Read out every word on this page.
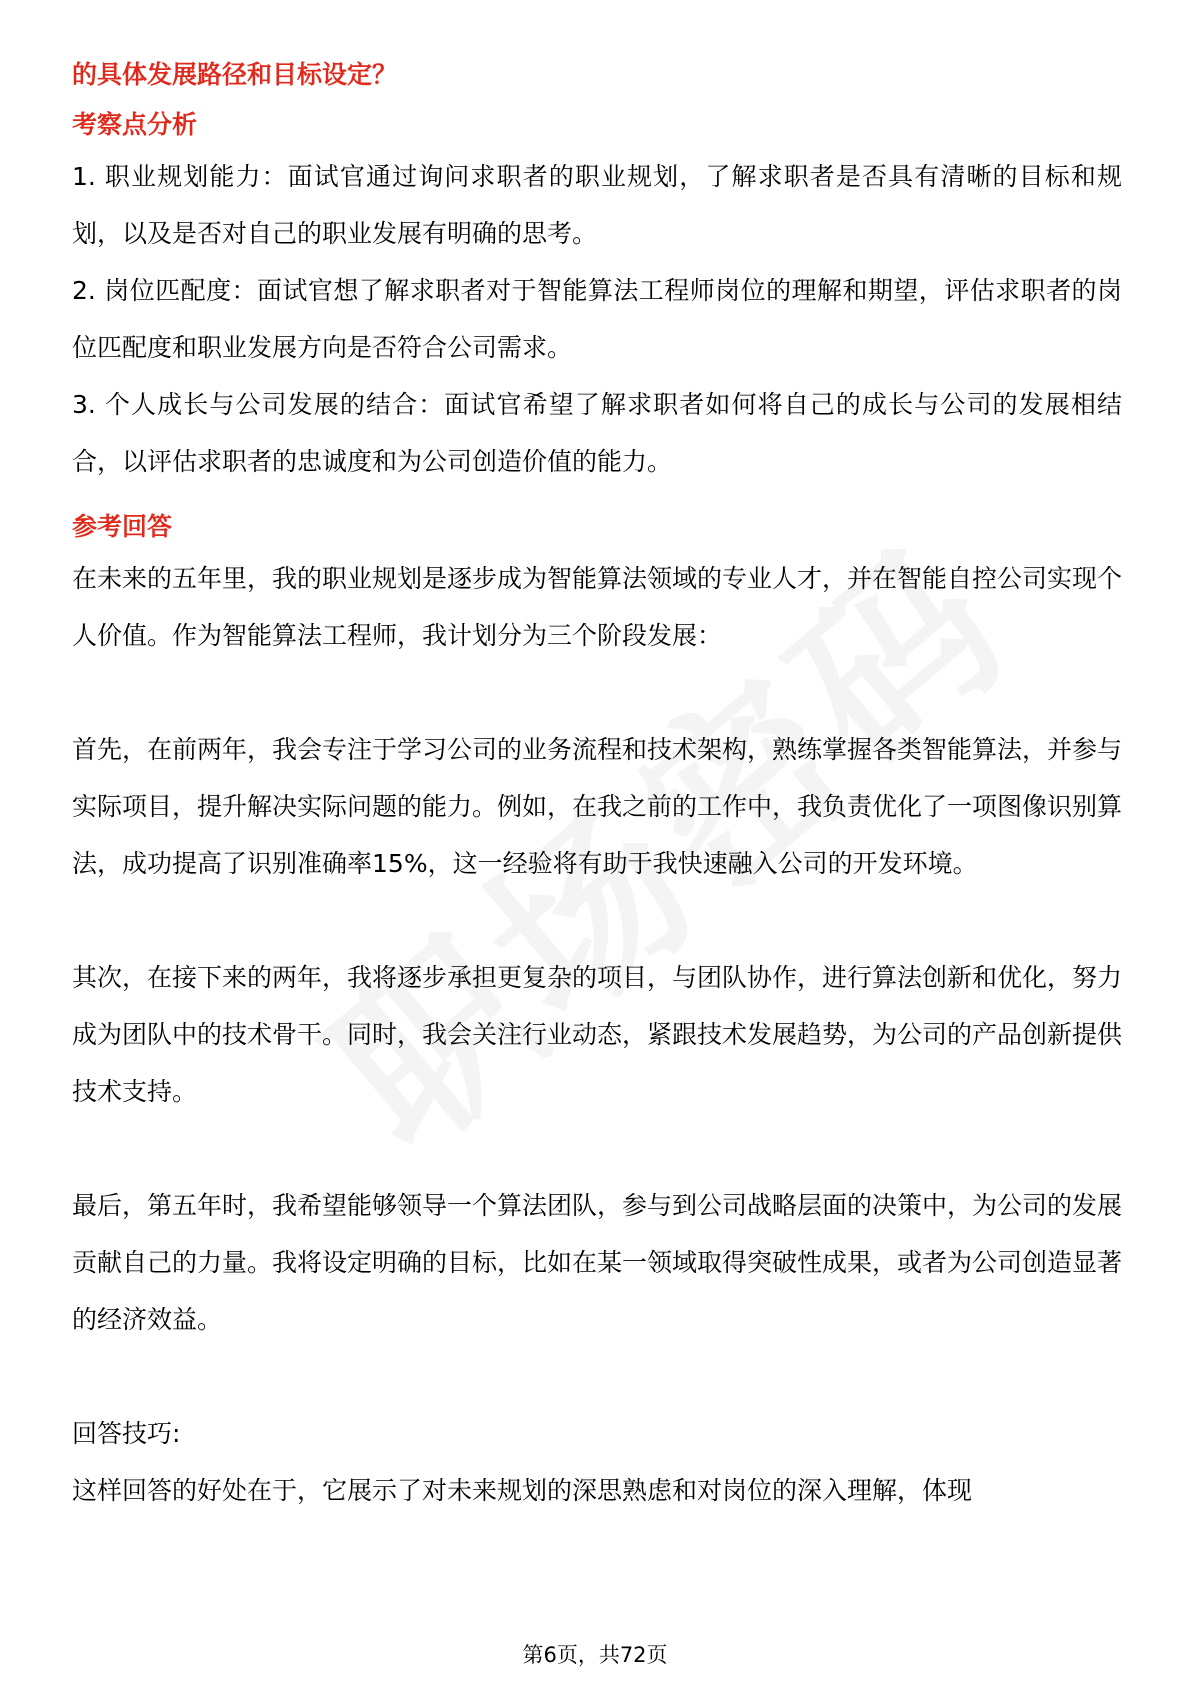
的具体发展路径和目标设定？

考察点分析

1. 职业规划能力：面试官通过询问求职者的职业规划，了解求职者是否具有清晰的目标和规划，以及是否对自己的职业发展有明确的思考。

2. 岗位匹配度：面试官想了解求职者对于智能算法工程师岗位的理解和期望，评估求职者的岗位匹配度和职业发展方向是否符合公司需求。

3. 个人成长与公司发展的结合：面试官希望了解求职者如何将自己的成长与公司的发展相结合，以评估求职者的忠诚度和为公司创造价值的能力。

参考回答

在未来的五年里，我的职业规划是逐步成为智能算法领域的专业人才，并在智能自控公司实现个人价值。作为智能算法工程师，我计划分为三个阶段发展：

首先，在前两年，我会专注于学习公司的业务流程和技术架构，熟练掌握各类智能算法，并参与实际项目，提升解决实际问题的能力。例如，在我之前的工作中，我负责优化了一项图像识别算法，成功提高了识别准确率15%，这一经验将有助于我快速融入公司的开发环境。

其次，在接下来的两年，我将逐步承担更复杂的项目，与团队协作，进行算法创新和优化，努力成为团队中的技术骨干。同时，我会关注行业动态，紧跟技术发展趋势，为公司的产品创新提供技术支持。

最后，第五年时，我希望能够领导一个算法团队，参与到公司战略层面的决策中，为公司的发展贡献自己的力量。我将设定明确的目标，比如在某一领域取得突破性成果，或者为公司创造显著的经济效益。

回答技巧:

这样回答的好处在于，它展示了对未来规划的深思熟虑和对岗位的深入理解，体现

第6页，共72页
